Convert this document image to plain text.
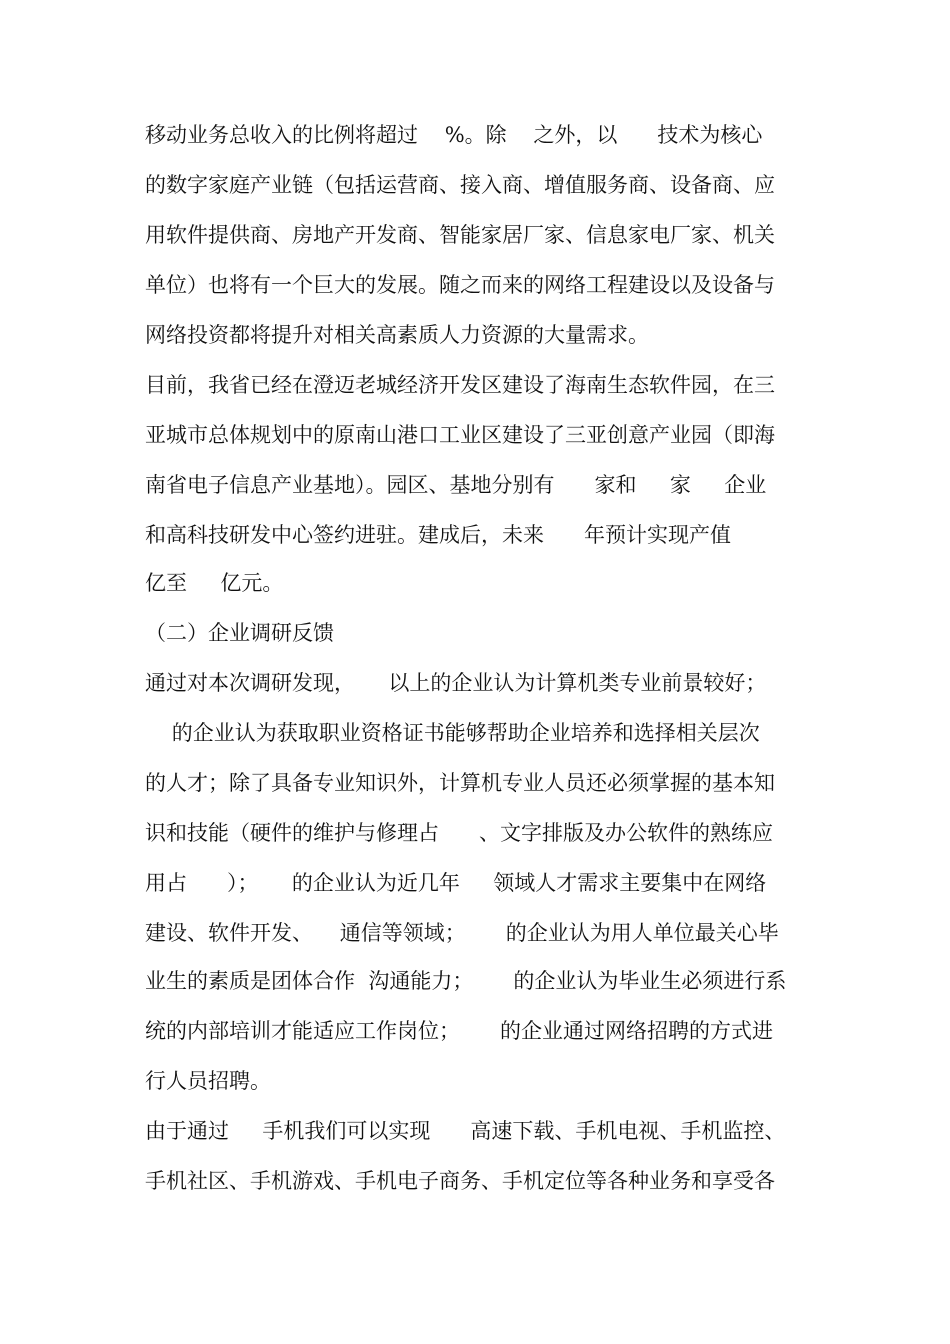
移动业务总收入的比例将超过    %。除    之外，以      技术为核心
的数字家庭产业链（包括运营商、接入商、增值服务商、设备商、应
用软件提供商、房地产开发商、智能家居厂家、信息家电厂家、机关
单位）也将有一个巨大的发展。随之而来的网络工程建设以及设备与
网络投资都将提升对相关高素质人力资源的大量需求。
目前，我省已经在澄迈老城经济开发区建设了海南生态软件园，在三
亚城市总体规划中的原南山港口工业区建设了三亚创意产业园（即海
南省电子信息产业基地）。园区、基地分别有      家和     家     企业
和高科技研发中心签约进驻。建成后，未来      年预计实现产值
亿至     亿元。
（二）企业调研反馈
通过对本次调研发现，     以上的企业认为计算机类专业前景较好；
的企业认为获取职业资格证书能够帮助企业培养和选择相关层次
的人才；除了具备专业知识外，计算机专业人员还必须掌握的基本知
识和技能（硬件的维护与修理占      、文字排版及办公软件的熟练应
用占      ）；     的企业认为近几年     领域人才需求主要集中在网络
建设、软件开发、    通信等领域；      的企业认为用人单位最关心毕
业生的素质是团体合作  沟通能力；      的企业认为毕业生必须进行系
统的内部培训才能适应工作岗位；      的企业通过网络招聘的方式进
行人员招聘。
由于通过     手机我们可以实现      高速下载、手机电视、手机监控、
手机社区、手机游戏、手机电子商务、手机定位等各种业务和享受各
